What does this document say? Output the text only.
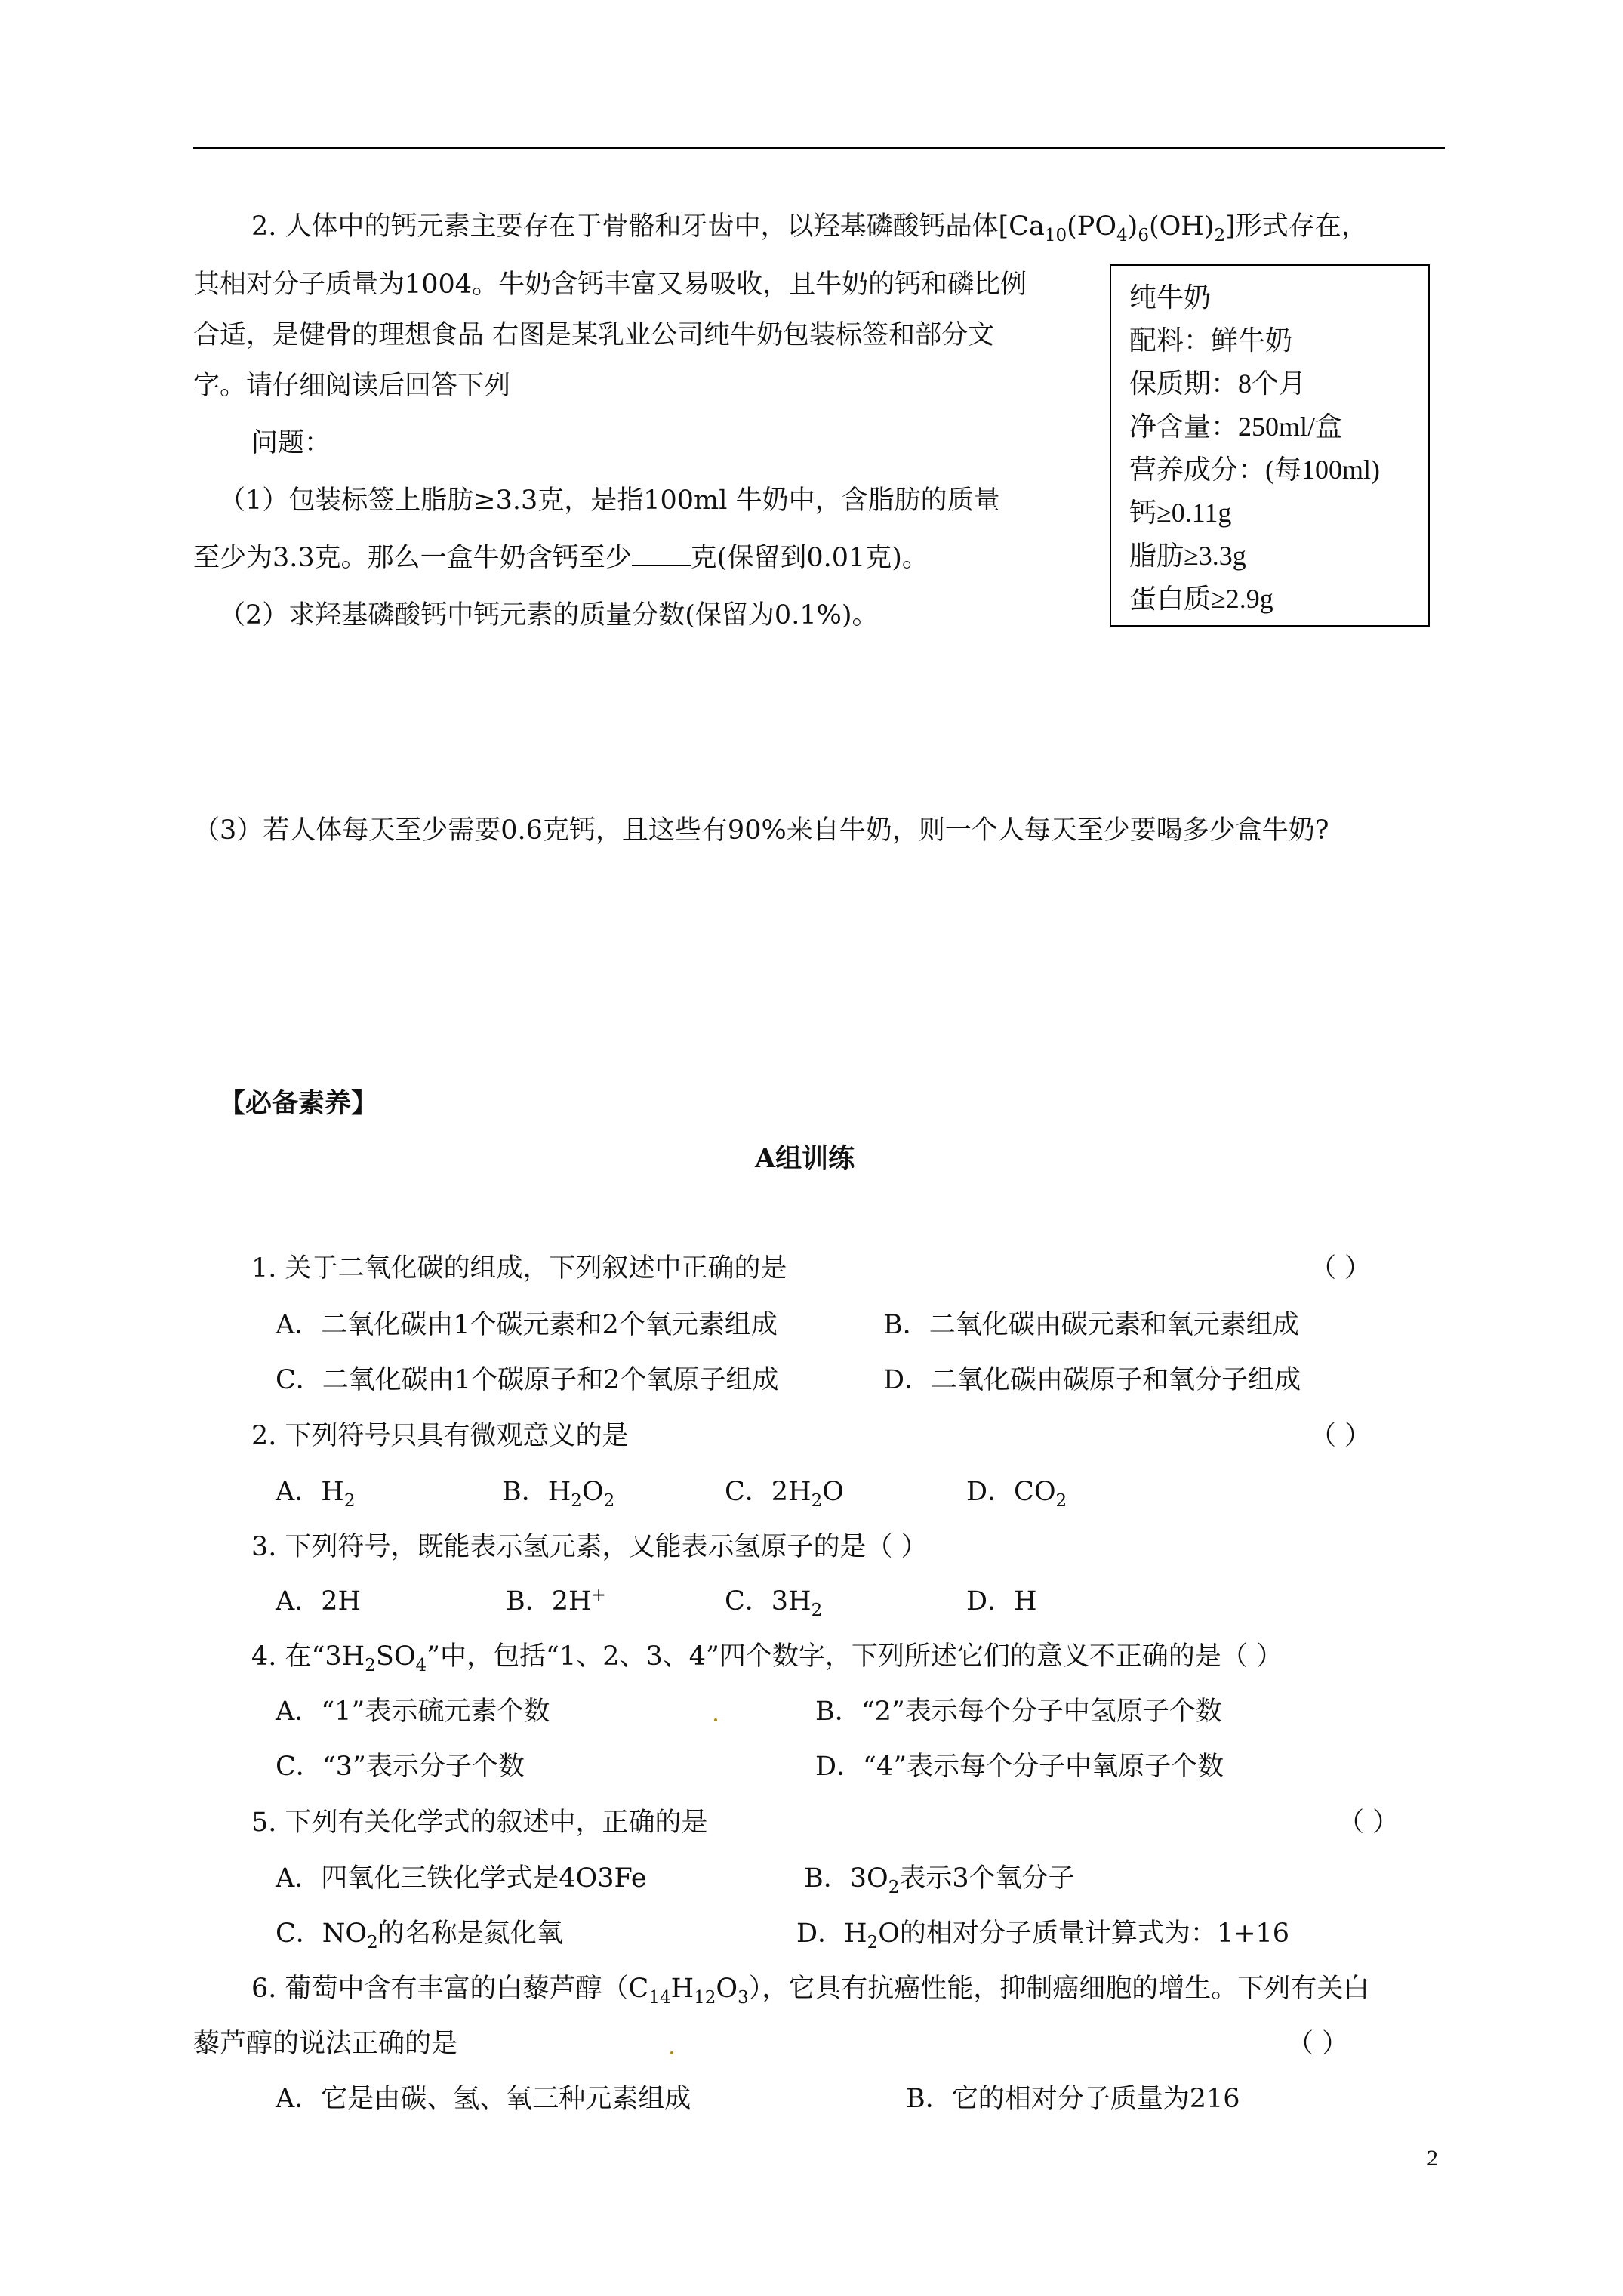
2. 人体中的钙元素主要存在于骨骼和牙齿中，以羟基磷酸钙晶体$[Ca_{10}(PO_4)_6(OH)_2]$形式存在，
其相对分子质量为1004。牛奶含钙丰富又易吸收，且牛奶的钙和磷比例
合适，是健骨的理想食品 右图是某乳业公司纯牛奶包装标签和部分文
字。请仔细阅读后回答下列
问题：
（1）包装标签上脂肪≥3.3克，是指100ml 牛奶中，含脂肪的质量
至少为3.3克。那么一盒牛奶含钙至少 克(保留到0.01克)。
（2）求羟基磷酸钙中钙元素的质量分数(保留为0.1%)。
纯牛奶
配料：鲜牛奶
保质期：8个月
净含量：250ml/盒
营养成分：(每100ml)
钙≥0.11g
脂肪≥3.3g
蛋白质≥2.9g
（3）若人体每天至少需要0.6克钙，且这些有90%来自牛奶，则一个人每天至少要喝多少盒牛奶?
【必备素养】
A组训练
1. 关于二氧化碳的组成，下列叙述中正确的是	（ ）
A．二氧化碳由1个碳元素和2个氧元素组成	B．二氧化碳由碳元素和氧元素组成
C．二氧化碳由1个碳原子和2个氧原子组成	D．二氧化碳由碳原子和氧分子组成
2. 下列符号只具有微观意义的是	（ ）
A．$H_2$	B．$H_2O_2$	C．$2H_2O$	D．$CO_2$
3. 下列符号，既能表示氢元素，又能表示氢原子的是（ ）
A．2H	B．2H+	C．$3H_2$	D．H
4. 在“$3H_2SO_4$”中，包括“1、2、3、4”四个数字，下列所述它们的意义不正确的是（ ）
A．“1”表示硫元素个数	B．“2”表示每个分子中氢原子个数
C．“3”表示分子个数	D．“4”表示每个分子中氧原子个数
5. 下列有关化学式的叙述中，正确的是	（ ）
A．四氧化三铁化学式是4O3Fe	B．$3O_2$表示3个氧分子
C．$NO_2$的名称是氮化氧	D．$H_2O$的相对分子质量计算式为：1+16
6. 葡萄中含有丰富的白藜芦醇$(C_{14}H_{12}O_3)$，它具有抗癌性能，抑制癌细胞的增生。下列有关白
藜芦醇的说法正确的是	（ ）
A．它是由碳、氢、氧三种元素组成	B．它的相对分子质量为216
2
